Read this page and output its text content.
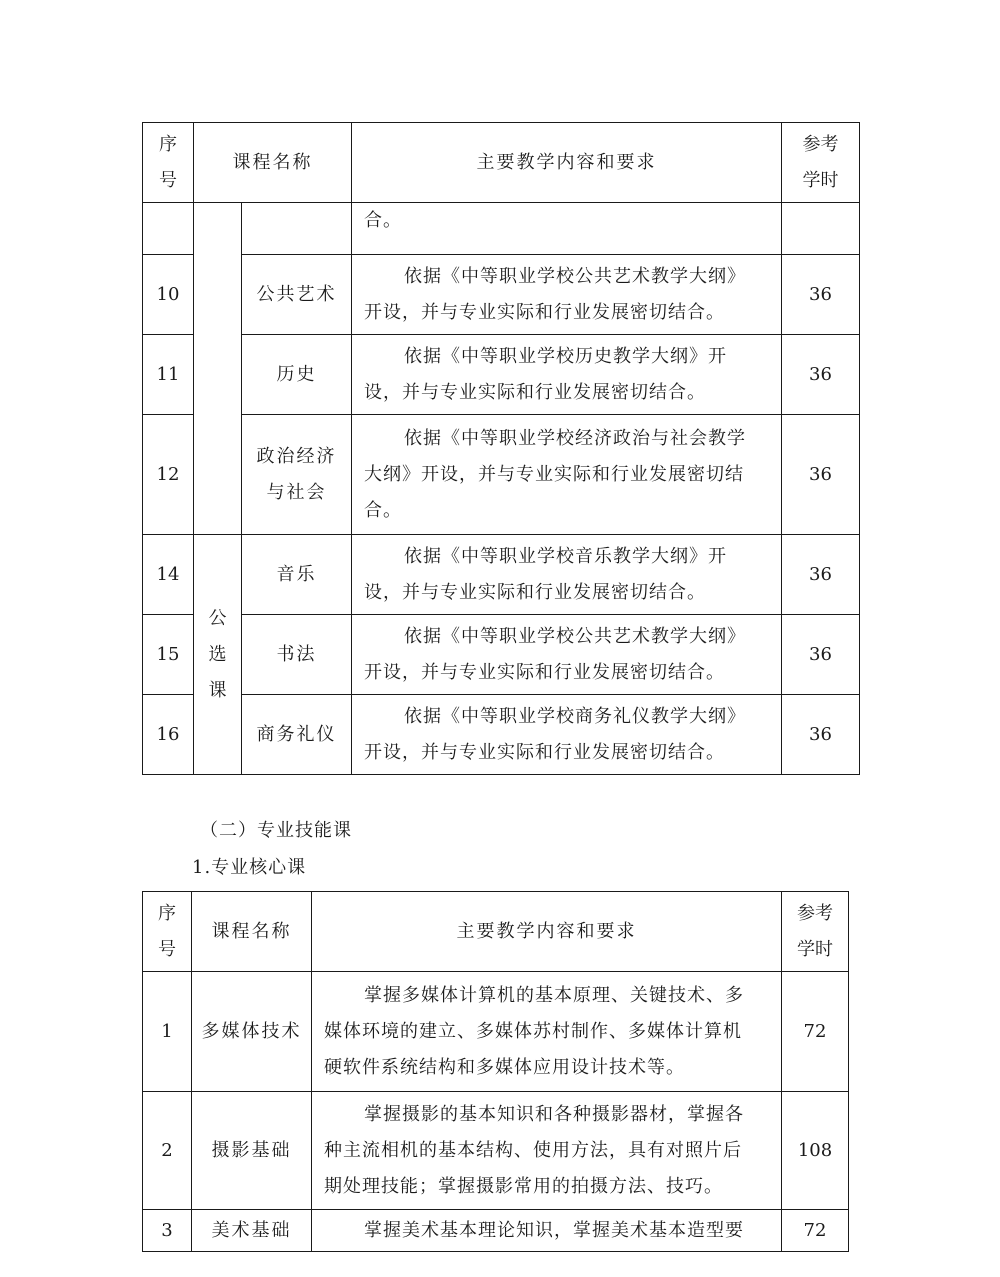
序
号	课程名称		主要教学内容和要求	参考
学时

			合。	
10		公共艺术	依据《中等职业学校公共艺术教学大纲》
开设，并与专业实际和行业发展密切结合。	36
11		历史	依据《中等职业学校历史教学大纲》开
设，并与专业实际和行业发展密切结合。	36
12		政治经济
与社会	依据《中等职业学校经济政治与社会教学
大纲》开设，并与专业实际和行业发展密切结
合。	36
14	公
选
课	音乐	依据《中等职业学校音乐教学大纲》开
设，并与专业实际和行业发展密切结合。	36
15		书法	依据《中等职业学校公共艺术教学大纲》
开设，并与专业实际和行业发展密切结合。	36
16		商务礼仪	依据《中等职业学校商务礼仪教学大纲》
开设，并与专业实际和行业发展密切结合。	36
（二）专业技能课
1.专业核心课
序
号	课程名称	主要教学内容和要求	参考
学时

1	多媒体技术	掌握多媒体计算机的基本原理、关键技术、多
媒体环境的建立、多媒体苏村制作、多媒体计算机
硬软件系统结构和多媒体应用设计技术等。	72
2	摄影基础	掌握摄影的基本知识和各种摄影器材，掌握各
种主流相机的基本结构、使用方法，具有对照片后
期处理技能；掌握摄影常用的拍摄方法、技巧。	108
3	美术基础	掌握美术基本理论知识，掌握美术基本造型要	72
